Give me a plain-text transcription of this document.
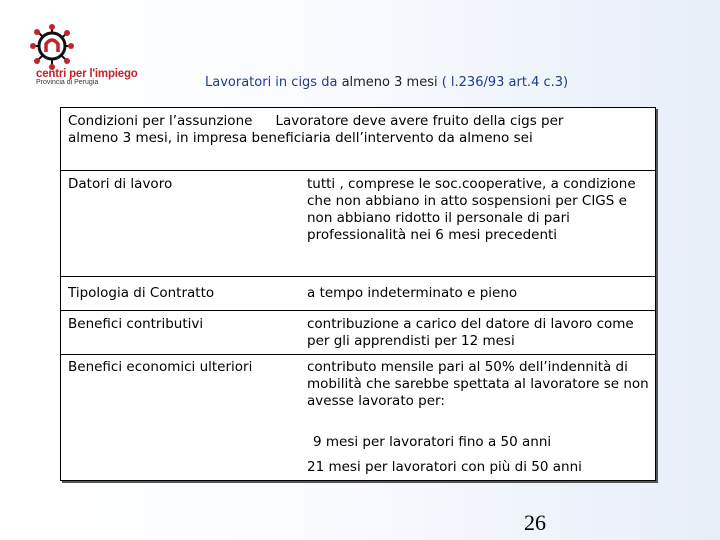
centri per l'impiego
Provincia di Perugia	Lavoratori in cigs da almeno 3 mesi ( l.236/93 art.4 c.3)
Condizioni per l’assunzione Lavoratore deve avere fruito della cigs per
almeno 3 mesi, in impresa beneficiaria dell’intervento da almeno sei
Datori di lavoro	tutti , comprese le soc.cooperative, a condizione che non abbiano in atto sospensioni per CIGS e non abbiano ridotto il personale di pari professionalità nei 6 mesi precedenti
Tipologia di Contratto	a tempo indeterminato e pieno
Benefici contributivi	contribuzione a carico del datore di lavoro come per gli apprendisti per 12 mesi
Benefici economici ulteriori	contributo mensile pari al 50% dell’indennità di mobilità che sarebbe spettata al lavoratore se non avesse lavorato per:
9 mesi per lavoratori fino a 50 anni
21 mesi per lavoratori con più di 50 anni
26
